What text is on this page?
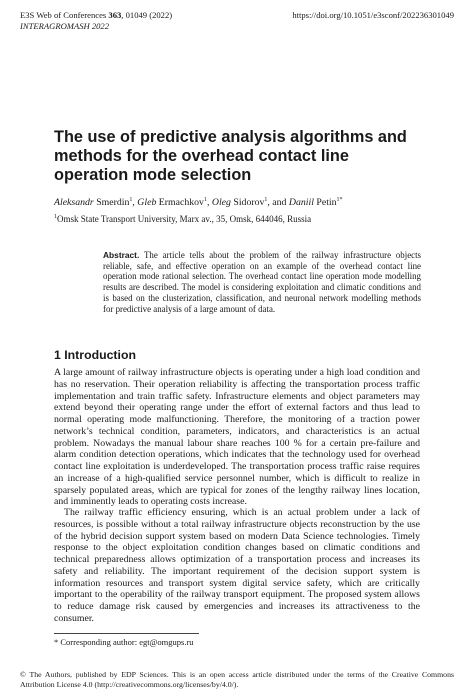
E3S Web of Conferences 363, 01049 (2022)	https://doi.org/10.1051/e3sconf/202236301049
INTERAGROMASH 2022
The use of predictive analysis algorithms and methods for the overhead contact line operation mode selection
Aleksandr Smerdin$^1$, Gleb Ermachkov$^1$, Oleg Sidorov$^1$, and Daniil Petin$^{1*}$
$^1$Omsk State Transport University, Marx av., 35, Omsk, 644046, Russia
Abstract. The article tells about the problem of the railway infrastructure objects reliable, safe, and effective operation on an example of the overhead contact line operation mode rational selection. The overhead contact line operation mode modelling results are described. The model is considering exploitation and climatic conditions and is based on the clusterization, classification, and neuronal network modelling methods for predictive analysis of a large amount of data.
1 Introduction
A large amount of railway infrastructure objects is operating under a high load condition and has no reservation. Their operation reliability is affecting the transportation process traffic implementation and train traffic safety. Infrastructure elements and object parameters may extend beyond their operating range under the effort of external factors and thus lead to normal operating mode malfunctioning. Therefore, the monitoring of a traction power network’s technical condition, parameters, indicators, and characteristics is an actual problem. Nowadays the manual labour share reaches 100 % for a certain pre-failure and alarm condition detection operations, which indicates that the technology used for overhead contact line exploitation is underdeveloped. The transportation process traffic raise requires an increase of a high-qualified service personnel number, which is difficult to realize in sparsely populated areas, which are typical for zones of the lengthy railway lines location, and imminently leads to operating costs increase.
The railway traffic efficiency ensuring, which is an actual problem under a lack of resources, is possible without a total railway infrastructure objects reconstruction by the use of the hybrid decision support system based on modern Data Science technologies. Timely response to the object exploitation condition changes based on climatic conditions and technical preparedness allows optimization of a transportation process and increases its safety and reliability. The important requirement of the decision support system is information resources and transport system digital service safety, which are critically important to the operability of the railway transport equipment. The proposed system allows to reduce damage risk caused by emergencies and increases its attractiveness to the consumer.
* Corresponding author: egt@omgups.ru
© The Authors, published by EDP Sciences. This is an open access article distributed under the terms of the Creative Commons Attribution License 4.0 (http://creativecommons.org/licenses/by/4.0/).
